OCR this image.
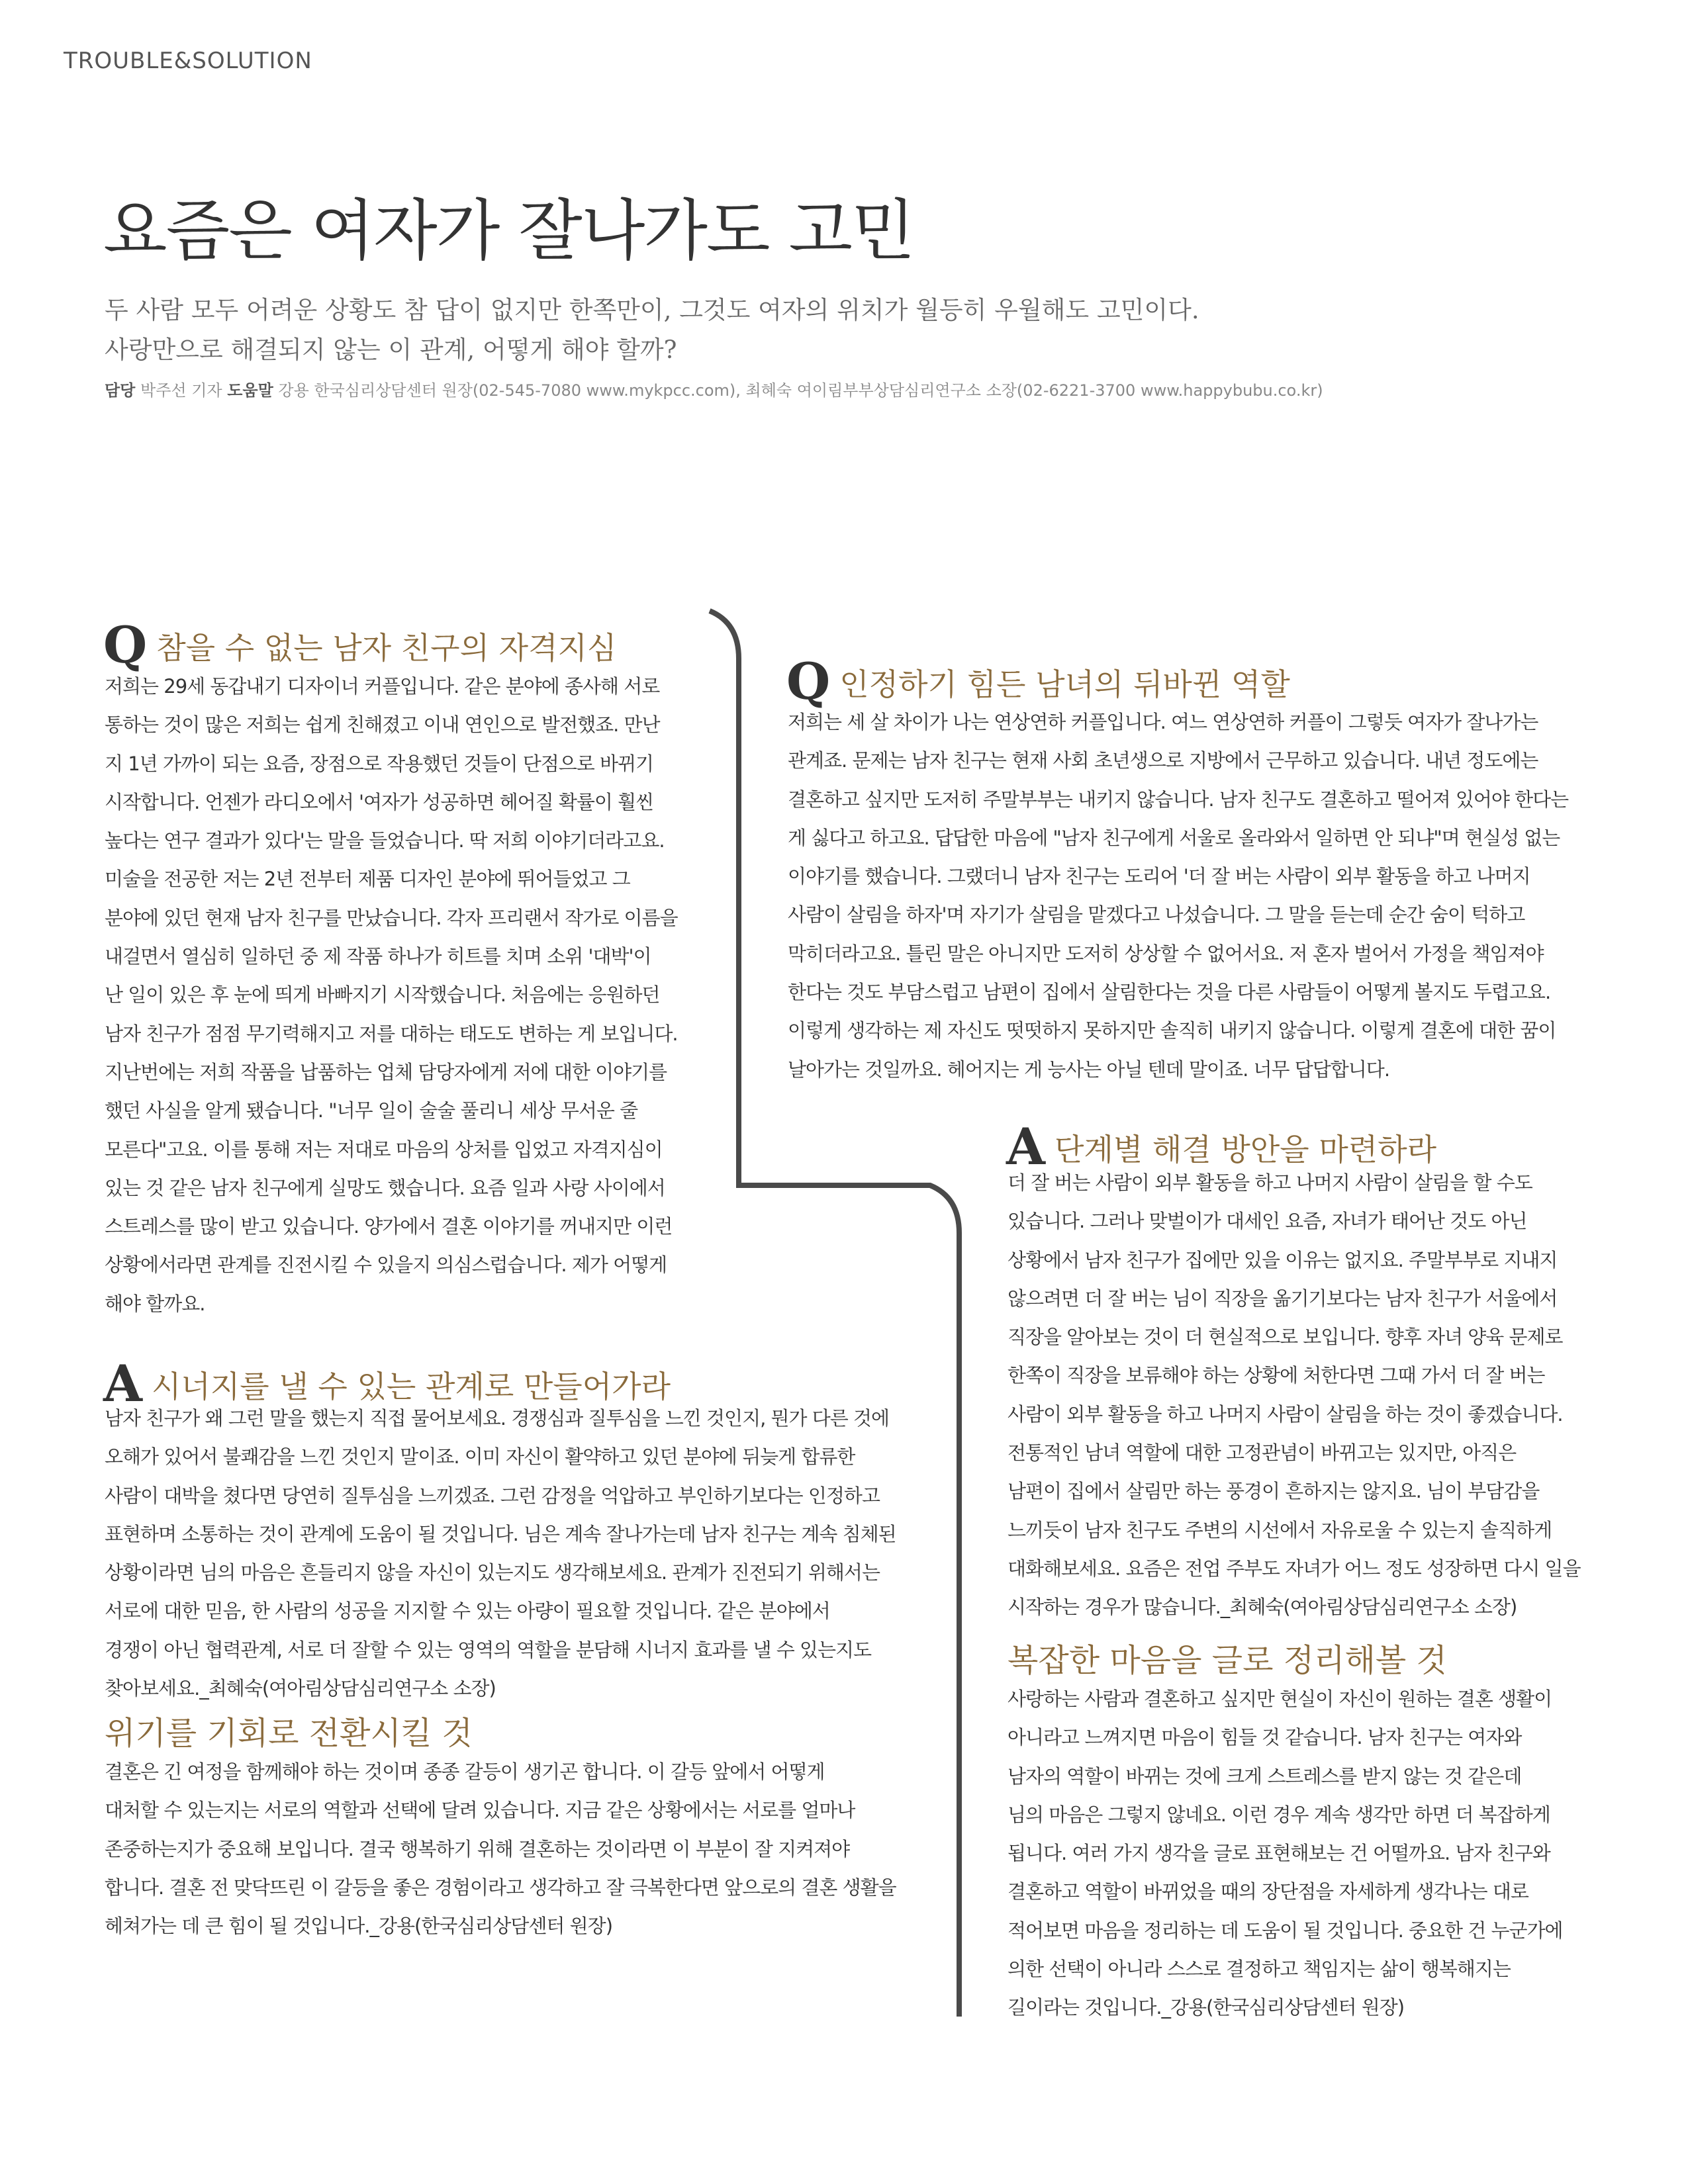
TROUBLE&SOLUTION
요즘은 여자가 잘나가도 고민
두 사람 모두 어려운 상황도 참 답이 없지만 한쪽만이, 그것도 여자의 위치가 월등히 우월해도 고민이다.
사랑만으로 해결되지 않는 이 관계, 어떻게 해야 할까?
담당 박주선 기자 도움말 강용 한국심리상담센터 원장(02-545-7080 www.mykpcc.com), 최혜숙 여이림부부상담심리연구소 소장(02-6221-3700 www.happybubu.co.kr)
Q참을 수 없는 남자 친구의 자격지심

저희는 29세 동갑내기 디자이너 커플입니다. 같은 분야에 종사해 서로

통하는 것이 많은 저희는 쉽게 친해졌고 이내 연인으로 발전했죠. 만난

지 1년 가까이 되는 요즘, 장점으로 작용했던 것들이 단점으로 바뀌기

시작합니다. 언젠가 라디오에서 '여자가 성공하면 헤어질 확률이 훨씬

높다는 연구 결과가 있다'는 말을 들었습니다. 딱 저희 이야기더라고요.

미술을 전공한 저는 2년 전부터 제품 디자인 분야에 뛰어들었고 그

분야에 있던 현재 남자 친구를 만났습니다. 각자 프리랜서 작가로 이름을

내걸면서 열심히 일하던 중 제 작품 하나가 히트를 치며 소위 '대박'이

난 일이 있은 후 눈에 띄게 바빠지기 시작했습니다. 처음에는 응원하던

남자 친구가 점점 무기력해지고 저를 대하는 태도도 변하는 게 보입니다.

지난번에는 저희 작품을 납품하는 업체 담당자에게 저에 대한 이야기를

했던 사실을 알게 됐습니다. "너무 일이 술술 풀리니 세상 무서운 줄

모른다"고요. 이를 통해 저는 저대로 마음의 상처를 입었고 자격지심이

있는 것 같은 남자 친구에게 실망도 했습니다. 요즘 일과 사랑 사이에서

스트레스를 많이 받고 있습니다. 양가에서 결혼 이야기를 꺼내지만 이런

상황에서라면 관계를 진전시킬 수 있을지 의심스럽습니다. 제가 어떻게

해야 할까요.

A시너지를 낼 수 있는 관계로 만들어가라

남자 친구가 왜 그런 말을 했는지 직접 물어보세요. 경쟁심과 질투심을 느낀 것인지, 뭔가 다른 것에

오해가 있어서 불쾌감을 느낀 것인지 말이죠. 이미 자신이 활약하고 있던 분야에 뒤늦게 합류한

사람이 대박을 쳤다면 당연히 질투심을 느끼겠죠. 그런 감정을 억압하고 부인하기보다는 인정하고

표현하며 소통하는 것이 관계에 도움이 될 것입니다. 님은 계속 잘나가는데 남자 친구는 계속 침체된

상황이라면 님의 마음은 흔들리지 않을 자신이 있는지도 생각해보세요. 관계가 진전되기 위해서는

서로에 대한 믿음, 한 사람의 성공을 지지할 수 있는 아량이 필요할 것입니다. 같은 분야에서

경쟁이 아닌 협력관계, 서로 더 잘할 수 있는 영역의 역할을 분담해 시너지 효과를 낼 수 있는지도

찾아보세요._최혜숙(여아림상담심리연구소 소장)

위기를 기회로 전환시킬 것

결혼은 긴 여정을 함께해야 하는 것이며 종종 갈등이 생기곤 합니다. 이 갈등 앞에서 어떻게

대처할 수 있는지는 서로의 역할과 선택에 달려 있습니다. 지금 같은 상황에서는 서로를 얼마나

존중하는지가 중요해 보입니다. 결국 행복하기 위해 결혼하는 것이라면 이 부분이 잘 지켜져야

합니다. 결혼 전 맞닥뜨린 이 갈등을 좋은 경험이라고 생각하고 잘 극복한다면 앞으로의 결혼 생활을

헤쳐가는 데 큰 힘이 될 것입니다._강용(한국심리상담센터 원장)

Q인정하기 힘든 남녀의 뒤바뀐 역할

저희는 세 살 차이가 나는 연상연하 커플입니다. 여느 연상연하 커플이 그렇듯 여자가 잘나가는

관계죠. 문제는 남자 친구는 현재 사회 초년생으로 지방에서 근무하고 있습니다. 내년 정도에는

결혼하고 싶지만 도저히 주말부부는 내키지 않습니다. 남자 친구도 결혼하고 떨어져 있어야 한다는

게 싫다고 하고요. 답답한 마음에 "남자 친구에게 서울로 올라와서 일하면 안 되냐"며 현실성 없는

이야기를 했습니다. 그랬더니 남자 친구는 도리어 '더 잘 버는 사람이 외부 활동을 하고 나머지

사람이 살림을 하자'며 자기가 살림을 맡겠다고 나섰습니다. 그 말을 듣는데 순간 숨이 턱하고

막히더라고요. 틀린 말은 아니지만 도저히 상상할 수 없어서요. 저 혼자 벌어서 가정을 책임져야

한다는 것도 부담스럽고 남편이 집에서 살림한다는 것을 다른 사람들이 어떻게 볼지도 두렵고요.

이렇게 생각하는 제 자신도 떳떳하지 못하지만 솔직히 내키지 않습니다. 이렇게 결혼에 대한 꿈이

날아가는 것일까요. 헤어지는 게 능사는 아닐 텐데 말이죠. 너무 답답합니다.

A단계별 해결 방안을 마련하라

더 잘 버는 사람이 외부 활동을 하고 나머지 사람이 살림을 할 수도

있습니다. 그러나 맞벌이가 대세인 요즘, 자녀가 태어난 것도 아닌

상황에서 남자 친구가 집에만 있을 이유는 없지요. 주말부부로 지내지

않으려면 더 잘 버는 님이 직장을 옮기기보다는 남자 친구가 서울에서

직장을 알아보는 것이 더 현실적으로 보입니다. 향후 자녀 양육 문제로

한쪽이 직장을 보류해야 하는 상황에 처한다면 그때 가서 더 잘 버는

사람이 외부 활동을 하고 나머지 사람이 살림을 하는 것이 좋겠습니다.

전통적인 남녀 역할에 대한 고정관념이 바뀌고는 있지만, 아직은

남편이 집에서 살림만 하는 풍경이 흔하지는 않지요. 님이 부담감을

느끼듯이 남자 친구도 주변의 시선에서 자유로울 수 있는지 솔직하게

대화해보세요. 요즘은 전업 주부도 자녀가 어느 정도 성장하면 다시 일을

시작하는 경우가 많습니다._최혜숙(여아림상담심리연구소 소장)

복잡한 마음을 글로 정리해볼 것

사랑하는 사람과 결혼하고 싶지만 현실이 자신이 원하는 결혼 생활이

아니라고 느껴지면 마음이 힘들 것 같습니다. 남자 친구는 여자와

남자의 역할이 바뀌는 것에 크게 스트레스를 받지 않는 것 같은데

님의 마음은 그렇지 않네요. 이런 경우 계속 생각만 하면 더 복잡하게

됩니다. 여러 가지 생각을 글로 표현해보는 건 어떨까요. 남자 친구와

결혼하고 역할이 바뀌었을 때의 장단점을 자세하게 생각나는 대로

적어보면 마음을 정리하는 데 도움이 될 것입니다. 중요한 건 누군가에

의한 선택이 아니라 스스로 결정하고 책임지는 삶이 행복해지는

길이라는 것입니다._강용(한국심리상담센터 원장)
